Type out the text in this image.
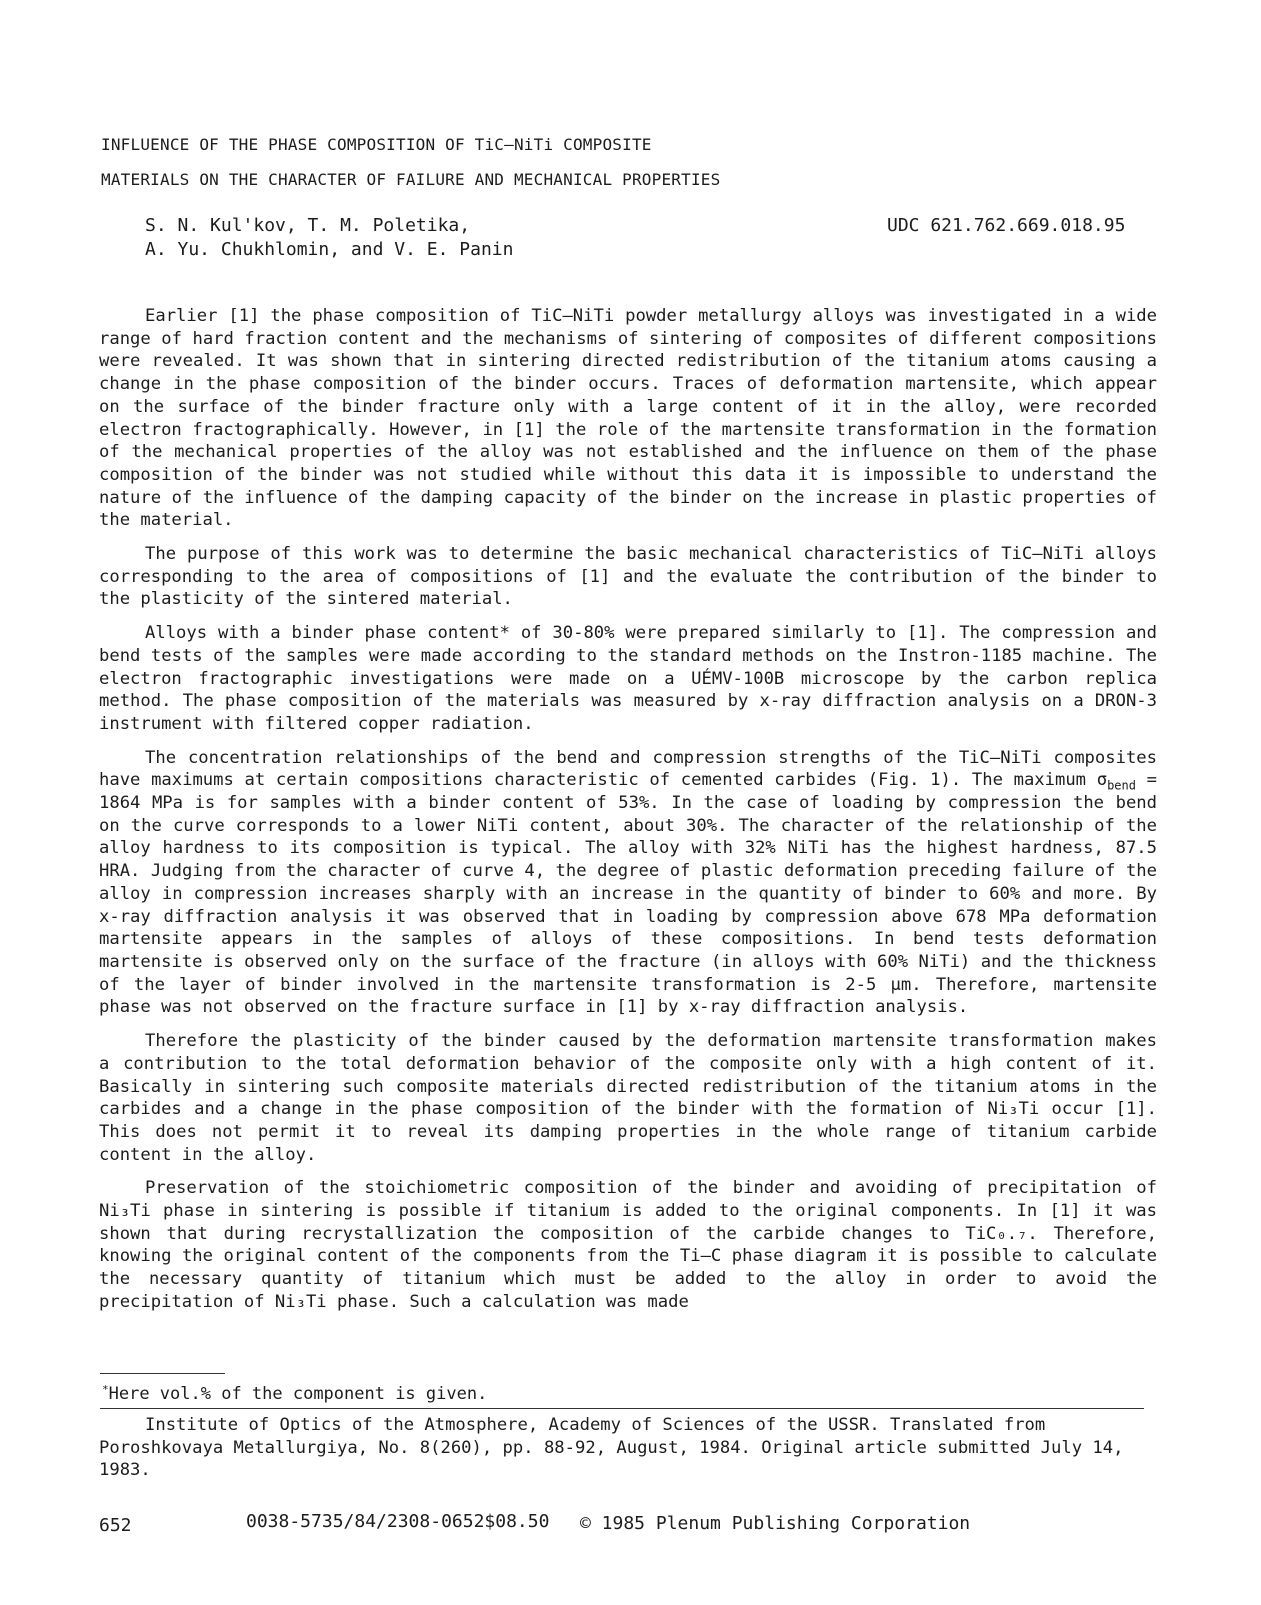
INFLUENCE OF THE PHASE COMPOSITION OF TiC—NiTi COMPOSITE
MATERIALS ON THE CHARACTER OF FAILURE AND MECHANICAL PROPERTIES
S. N. Kul'kov, T. M. Poletika,
A. Yu. Chukhlomin, and V. E. Panin
UDC 621.762.669.018.95

Earlier [1] the phase composition of TiC—NiTi powder metallurgy alloys was investigated in a wide range of hard fraction content and the mechanisms of sintering of composites of different compositions were revealed. It was shown that in sintering directed redistribution of the titanium atoms causing a change in the phase composition of the binder occurs. Traces of deformation martensite, which appear on the surface of the binder fracture only with a large content of it in the alloy, were recorded electron fractographically. However, in [1] the role of the martensite transformation in the formation of the mechanical properties of the alloy was not established and the influence on them of the phase composition of the binder was not studied while without this data it is impossible to understand the nature of the influence of the damping capacity of the binder on the increase in plastic properties of the material.

The purpose of this work was to determine the basic mechanical characteristics of TiC—NiTi alloys corresponding to the area of compositions of [1] and the evaluate the contribution of the binder to the plasticity of the sintered material.

Alloys with a binder phase content* of 30-80% were prepared similarly to [1]. The compression and bend tests of the samples were made according to the standard methods on the Instron-1185 machine. The electron fractographic investigations were made on a UÉMV-100B microscope by the carbon replica method. The phase composition of the materials was measured by x-ray diffraction analysis on a DRON-3 instrument with filtered copper radiation.

The concentration relationships of the bend and compression strengths of the TiC—NiTi composites have maximums at certain compositions characteristic of cemented carbides (Fig. 1). The maximum $\sigma_{bend} = 1864$ MPa is for samples with a binder content of 53%. In the case of loading by compression the bend on the curve corresponds to a lower NiTi content, about 30%. The character of the relationship of the alloy hardness to its composition is typical. The alloy with 32% NiTi has the highest hardness, 87.5 HRA. Judging from the character of curve 4, the degree of plastic deformation preceding failure of the alloy in compression increases sharply with an increase in the quantity of binder to 60% and more. By x-ray diffraction analysis it was observed that in loading by compression above 678 MPa deformation martensite appears in the samples of alloys of these compositions. In bend tests deformation martensite is observed only on the surface of the fracture (in alloys with 60% NiTi) and the thickness of the layer of binder involved in the martensite transformation is 2-5 μm. Therefore, martensite phase was not observed on the fracture surface in [1] by x-ray diffraction analysis.

Therefore the plasticity of the binder caused by the deformation martensite transformation makes a contribution to the total deformation behavior of the composite only with a high content of it. Basically in sintering such composite materials directed redistribution of the titanium atoms in the carbides and a change in the phase composition of the binder with the formation of Ni₃Ti occur [1]. This does not permit it to reveal its damping properties in the whole range of titanium carbide content in the alloy.

Preservation of the stoichiometric composition of the binder and avoiding of precipitation of Ni₃Ti phase in sintering is possible if titanium is added to the original components. In [1] it was shown that during recrystallization the composition of the carbide changes to TiC₀.₇. Therefore, knowing the original content of the components from the Ti—C phase diagram it is possible to calculate the necessary quantity of titanium which must be added to the alloy in order to avoid the precipitation of Ni₃Ti phase. Such a calculation was made

*Here vol.% of the component is given.
Institute of Optics of the Atmosphere, Academy of Sciences of the USSR. Translated from Poroshkovaya Metallurgiya, No. 8(260), pp. 88-92, August, 1984. Original article submitted July 14, 1983.
652	0038-5735/84/2308-0652$08.50 © 1985 Plenum Publishing Corporation
